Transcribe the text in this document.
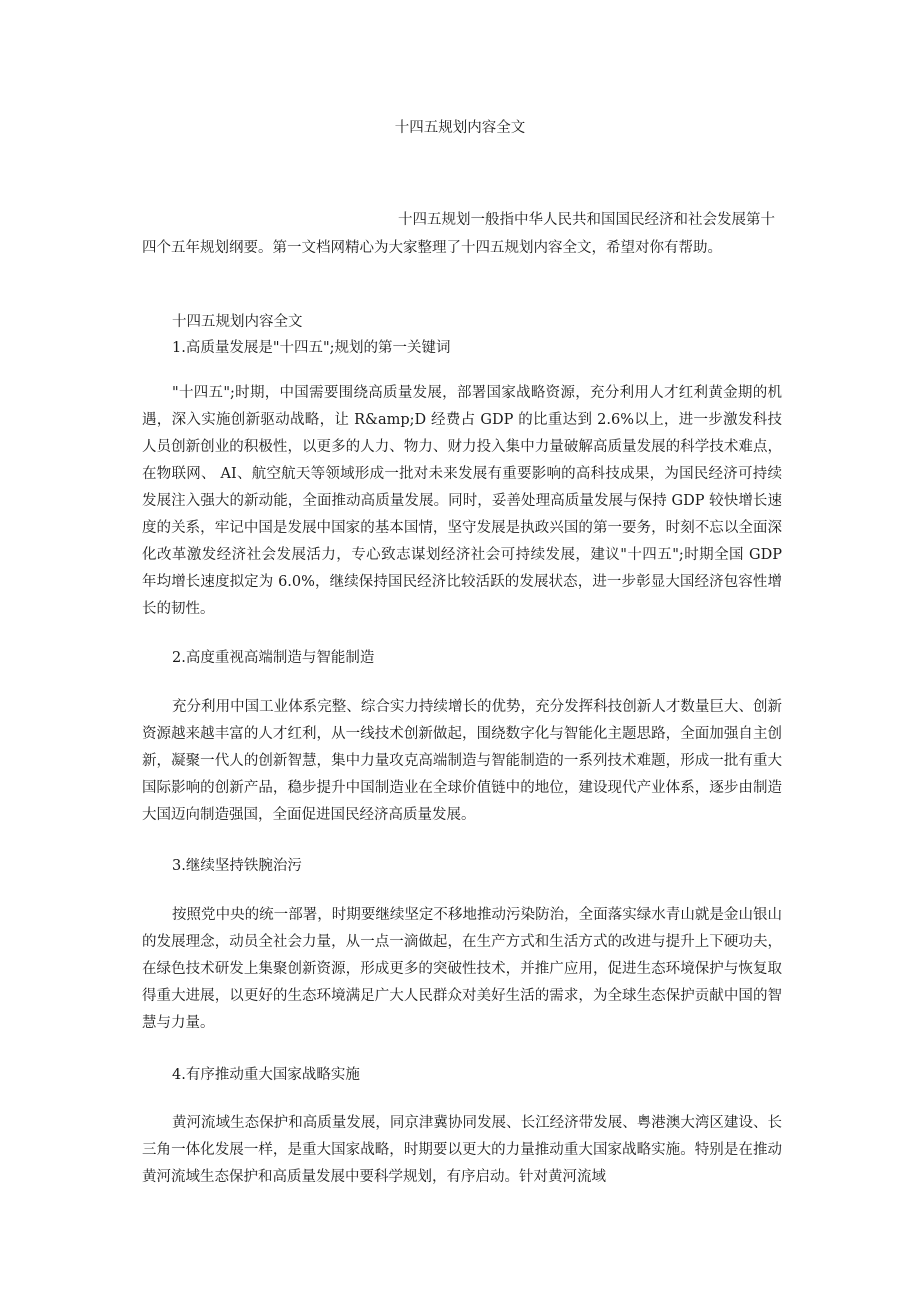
十四五规划内容全文

十四五规划一般指中华人民共和国国民经济和社会发展第十四个五年规划纲要。第一文档网精心为大家整理了十四五规划内容全文，希望对你有帮助。

十四五规划内容全文

1.高质量发展是"十四五";规划的第一关键词

"十四五";时期，中国需要围绕高质量发展，部署国家战略资源，充分利用人才红利黄金期的机遇，深入实施创新驱动战略，让 R&amp;D 经费占 GDP 的比重达到 2.6%以上，进一步激发科技人员创新创业的积极性，以更多的人力、物力、财力投入集中力量破解高质量发展的科学技术难点，在物联网、 AI、航空航天等领域形成一批对未来发展有重要影响的高科技成果，为国民经济可持续发展注入强大的新动能，全面推动高质量发展。同时，妥善处理高质量发展与保持 GDP 较快增长速度的关系，牢记中国是发展中国家的基本国情，坚守发展是执政兴国的第一要务，时刻不忘以全面深化改革激发经济社会发展活力，专心致志谋划经济社会可持续发展，建议"十四五";时期全国 GDP 年均增长速度拟定为 6.0%，继续保持国民经济比较活跃的发展状态，进一步彰显大国经济包容性增长的韧性。

2.高度重视高端制造与智能制造

充分利用中国工业体系完整、综合实力持续增长的优势，充分发挥科技创新人才数量巨大、创新资源越来越丰富的人才红利，从一线技术创新做起，围绕数字化与智能化主题思路，全面加强自主创新，凝聚一代人的创新智慧，集中力量攻克高端制造与智能制造的一系列技术难题，形成一批有重大国际影响的创新产品，稳步提升中国制造业在全球价值链中的地位，建设现代产业体系，逐步由制造大国迈向制造强国，全面促进国民经济高质量发展。

3.继续坚持铁腕治污

按照党中央的统一部署，时期要继续坚定不移地推动污染防治，全面落实绿水青山就是金山银山的发展理念，动员全社会力量，从一点一滴做起，在生产方式和生活方式的改进与提升上下硬功夫，在绿色技术研发上集聚创新资源，形成更多的突破性技术，并推广应用，促进生态环境保护与恢复取得重大进展，以更好的生态环境满足广大人民群众对美好生活的需求，为全球生态保护贡献中国的智慧与力量。

4.有序推动重大国家战略实施

黄河流域生态保护和高质量发展，同京津冀协同发展、长江经济带发展、粤港澳大湾区建设、长三角一体化发展一样，是重大国家战略，时期要以更大的力量推动重大国家战略实施。特别是在推动黄河流域生态保护和高质量发展中要科学规划，有序启动。针对黄河流域
